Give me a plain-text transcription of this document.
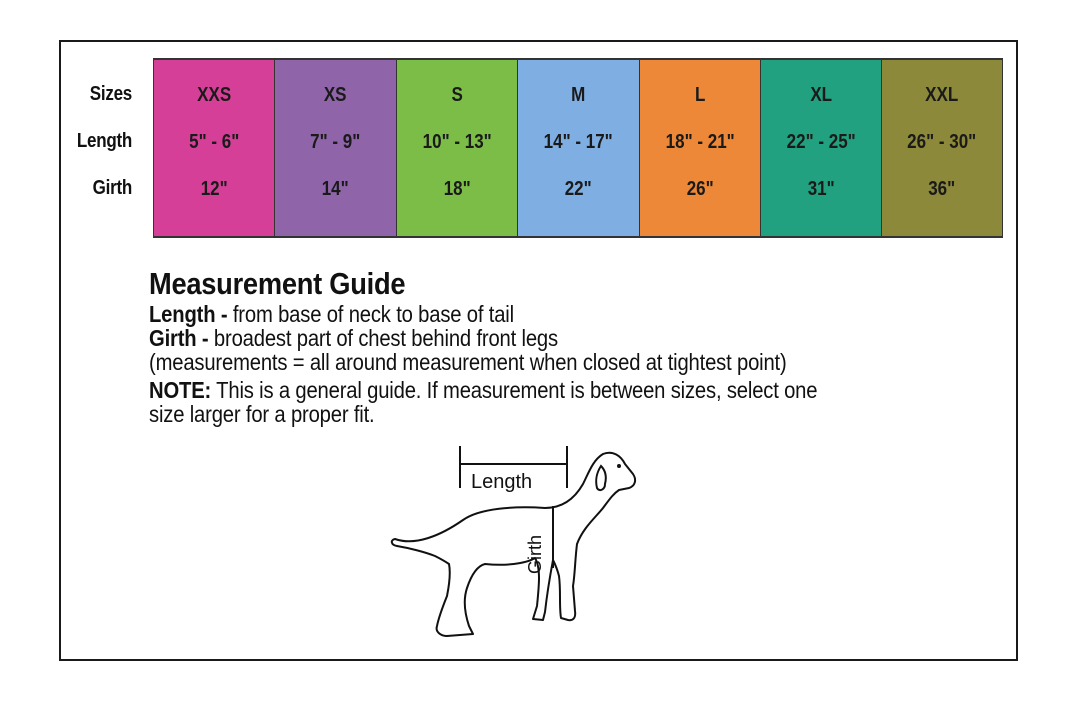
Sizes
Length
Girth
XXS
5" - 6"
12"
XS
7" - 9"
14"
S
10" - 13"
18"
M
14" - 17"
22"
L
18" - 21"
26"
XL
22" - 25"
31"
XXL
26" - 30"
36"
Measurement Guide
Length - from base of neck to base of tail
Girth - broadest part of chest behind front legs
(measurements = all around measurement when closed at tightest point)
NOTE: This is a general guide. If measurement is between sizes, select one
size larger for a proper fit.
Length
Girth
